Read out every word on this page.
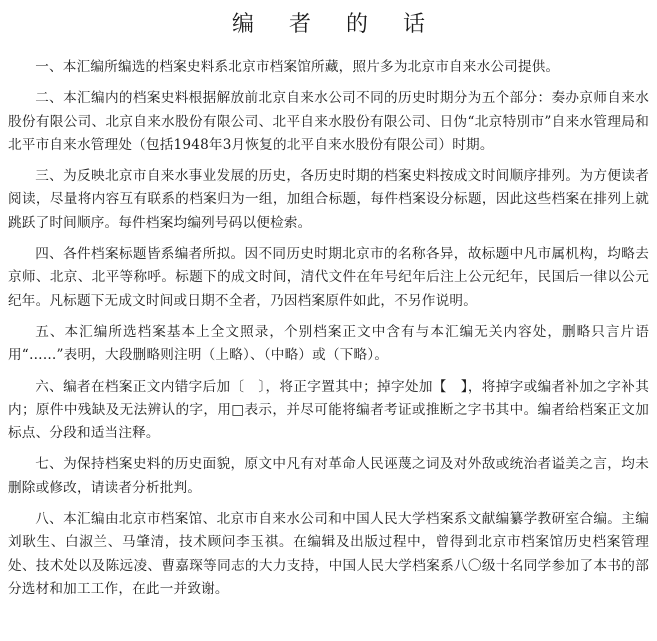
编 者 的 话

一、本汇编所编选的档案史料系北京市档案馆所藏，照片多为北京市自来水公司提供。

二、本汇编内的档案史料根据解放前北京自来水公司不同的历史时期分为五个部分：奏办京师自来水股份有限公司、北京自来水股份有限公司、北平自来水股份有限公司、日伪“北京特別市”自来水管理局和北平市自来水管理处（包括1948年3月恢复的北平自来水股份有限公司）时期。

三、为反映北京市自来水事业发展的历史，各历史时期的档案史料按成文时间顺序排列。为方便读者阅读，尽量将内容互有联系的档案归为一组，加组合标题，每件档案设分标题，因此这些档案在排列上就跳跃了时间顺序。每件档案均编列号码以便检索。

四、各件档案标题皆系编者所拟。因不同历史时期北京市的名称各异，故标题中凡市属机构，均略去京师、北京、北平等称呼。标题下的成文时间，清代文件在年号纪年后注上公元纪年，民国后一律以公元纪年。凡标题下无成文时间或日期不全者，乃因档案原件如此，不另作说明。

五、本汇编所选档案基本上全文照录，个别档案正文中含有与本汇编无关内容处，删略只言片语用“……”表明，大段删略则注明（上略）、（中略）或（下略）。

六、编者在档案正文内错字后加〔　〕，将正字置其中；掉字处加【　】，将掉字或编者补加之字补其内；原件中残缺及无法辨认的字，用□表示，并尽可能将编者考证或推断之字书其中。编者给档案正文加标点、分段和适当注释。

七、为保持档案史料的历史面貌，原文中凡有对革命人民诬蔑之词及对外敌或统治者谥美之言，均未删除或修改，请读者分析批判。

八、本汇编由北京市档案馆、北京市自来水公司和中国人民大学档案系文献编纂学教研室合编。主编刘耿生、白淑兰、马肇清，技术顾问李玉祺。在编辑及出版过程中，曾得到北京市档案馆历史档案管理处、技术处以及陈远凌、曹嘉琛等同志的大力支持，中国人民大学档案系八〇级十名同学参加了本书的部分选材和加工工作，在此一并致谢。
